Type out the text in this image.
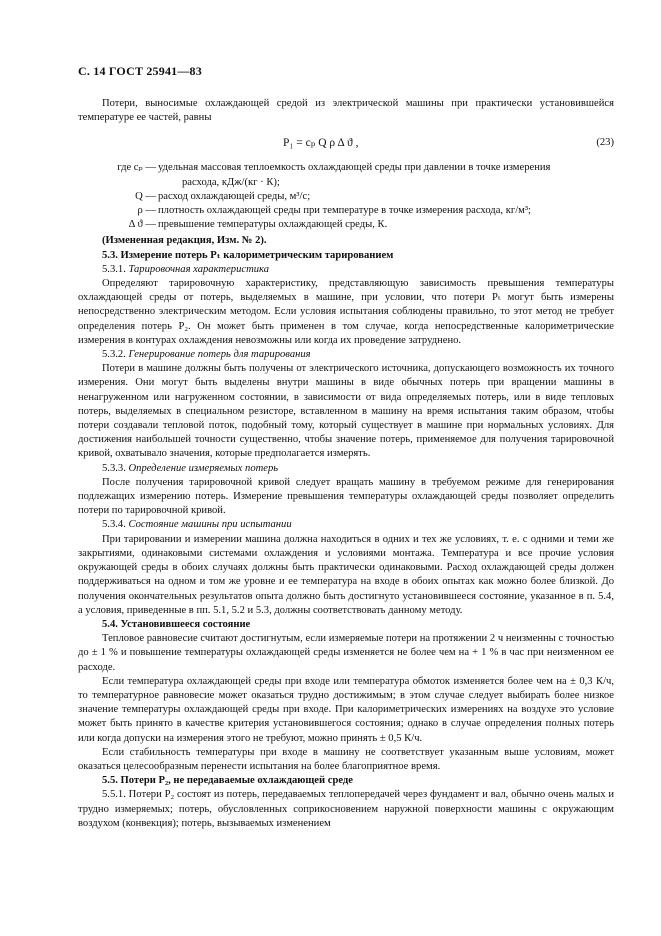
С. 14 ГОСТ 25941—83

Потери, выносимые охлаждающей средой из электрической машины при практически установившейся температуре ее частей, равны

P₁ = cₚ Q ρ Δ ϑ ,	(23)
где cₚ — удельная массовая теплоемкость охлаждающей среды при давлении в точке измерения
расхода, кДж/(кг · К);
Q — расход охлаждающей среды, м³/с;
ρ — плотность охлаждающей среды при температуре в точке измерения расхода, кг/м³;
Δ ϑ — превышение температуры охлаждающей среды, К.

(Измененная редакция, Изм. № 2).

5.3. Измерение потерь Pₜ калориметрическим тарированием

5.3.1. Тарировочная характеристика

Определяют тарировочную характеристику, представляющую зависимость превышения температуры охлаждающей среды от потерь, выделяемых в машине, при условии, что потери Pₜ могут быть измерены непосредственно электрическим методом. Если условия испытания соблюдены правильно, то этот метод не требует определения потерь P₂. Он может быть применен в том случае, когда непосредственные калориметрические измерения в контурах охлаждения невозможны или когда их проведение затруднено.

5.3.2. Генерирование потерь для тарирования

Потери в машине должны быть получены от электрического источника, допускающего возможность их точного измерения. Они могут быть выделены внутри машины в виде обычных потерь при вращении машины в ненагруженном или нагруженном состоянии, в зависимости от вида определяемых потерь, или в виде тепловых потерь, выделяемых в специальном резисторе, вставленном в машину на время испытания таким образом, чтобы потери создавали тепловой поток, подобный тому, который существует в машине при нормальных условиях. Для достижения наибольшей точности существенно, чтобы значение потерь, применяемое для получения тарировочной кривой, охватывало значения, которые предполагается измерять.

5.3.3. Определение измеряемых потерь

После получения тарировочной кривой следует вращать машину в требуемом режиме для генерирования подлежащих измерению потерь. Измерение превышения температуры охлаждающей среды позволяет определить потери по тарировочной кривой.

5.3.4. Состояние машины при испытании

При тарировании и измерении машина должна находиться в одних и тех же условиях, т. е. с одними и теми же закрытиями, одинаковыми системами охлаждения и условиями монтажа. Температура и все прочие условия окружающей среды в обоих случаях должны быть практически одинаковыми. Расход охлаждающей среды должен поддерживаться на одном и том же уровне и ее температура на входе в обоих опытах как можно более близкой. До получения окончательных результатов опыта должно быть достигнуто установившееся состояние, указанное в п. 5.4, а условия, приведенные в пп. 5.1, 5.2 и 5.3, должны соответствовать данному методу.

5.4. Установившееся состояние

Тепловое равновесие считают достигнутым, если измеряемые потери на протяжении 2 ч неизменны с точностью до ± 1 % и повышение температуры охлаждающей среды изменяется не более чем на + 1 % в час при неизменном ее расходе.

Если температура охлаждающей среды при входе или температура обмоток изменяется более чем на ± 0,3 К/ч, то температурное равновесие может оказаться трудно достижимым; в этом случае следует выбирать более низкое значение температуры охлаждающей среды при входе. При калориметрических измерениях на воздухе это условие может быть принято в качестве критерия установившегося состояния; однако в случае определения полных потерь или когда допуски на измерения этого не требуют, можно принять ± 0,5 К/ч.

Если стабильность температуры при входе в машину не соответствует указанным выше условиям, может оказаться целесообразным перенести испытания на более благоприятное время.

5.5. Потери P₂, не передаваемые охлаждающей среде

5.5.1. Потери P₂ состоят из потерь, передаваемых теплопередачей через фундамент и вал, обычно очень малых и трудно измеряемых; потерь, обусловленных соприкосновением наружной поверхности машины с окружающим воздухом (конвекция); потерь, вызываемых изменением
